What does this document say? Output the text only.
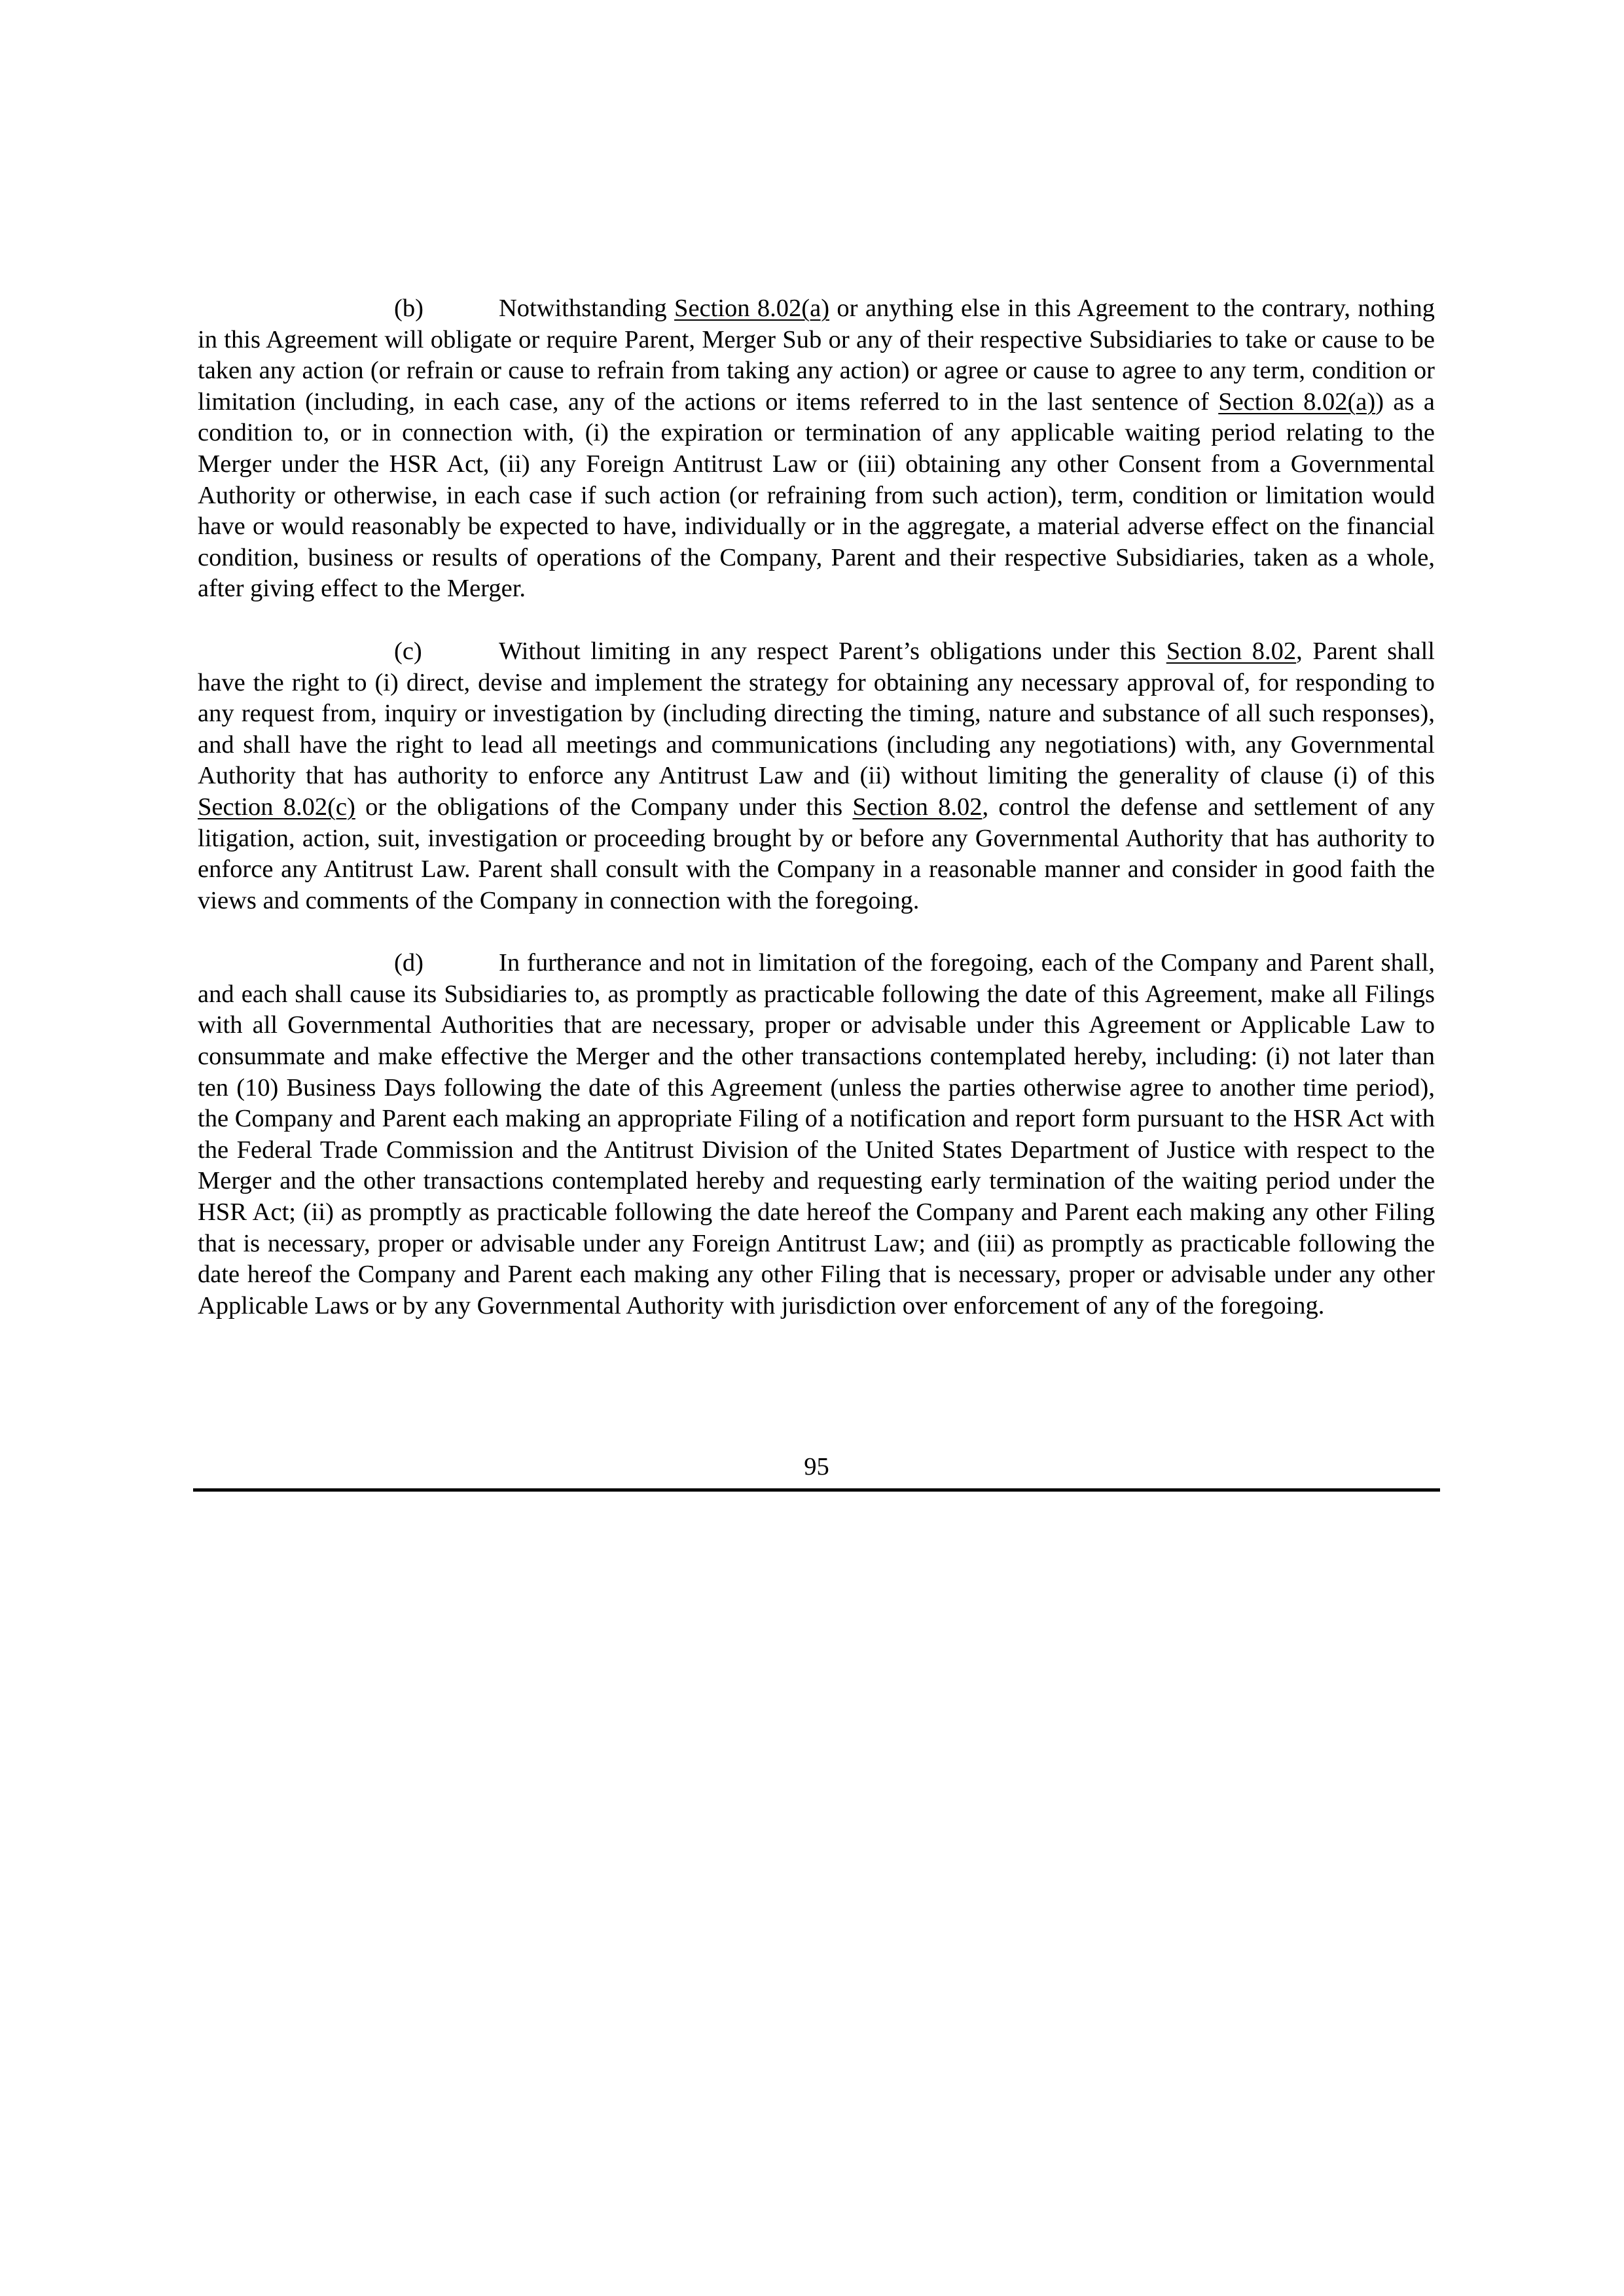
(b)	Notwithstanding Section 8.02(a) or anything else in this Agreement to the contrary, nothing in this Agreement will obligate or require Parent, Merger Sub or any of their respective Subsidiaries to take or cause to be taken any action (or refrain or cause to refrain from taking any action) or agree or cause to agree to any term, condition or limitation (including, in each case, any of the actions or items referred to in the last sentence of Section 8.02(a)) as a condition to, or in connection with, (i) the expiration or termination of any applicable waiting period relating to the Merger under the HSR Act, (ii) any Foreign Antitrust Law or (iii) obtaining any other Consent from a Governmental Authority or otherwise, in each case if such action (or refraining from such action), term, condition or limitation would have or would reasonably be expected to have, individually or in the aggregate, a material adverse effect on the financial condition, business or results of operations of the Company, Parent and their respective Subsidiaries, taken as a whole, after giving effect to the Merger.

(c)	Without limiting in any respect Parent’s obligations under this Section 8.02, Parent shall have the right to (i) direct, devise and implement the strategy for obtaining any necessary approval of, for responding to any request from, inquiry or investigation by (including directing the timing, nature and substance of all such responses), and shall have the right to lead all meetings and communications (including any negotiations) with, any Governmental Authority that has authority to enforce any Antitrust Law and (ii) without limiting the generality of clause (i) of this Section 8.02(c) or the obligations of the Company under this Section 8.02, control the defense and settlement of any litigation, action, suit, investigation or proceeding brought by or before any Governmental Authority that has authority to enforce any Antitrust Law. Parent shall consult with the Company in a reasonable manner and consider in good faith the views and comments of the Company in connection with the foregoing.

(d)	In furtherance and not in limitation of the foregoing, each of the Company and Parent shall, and each shall cause its Subsidiaries to, as promptly as practicable following the date of this Agreement, make all Filings with all Governmental Authorities that are necessary, proper or advisable under this Agreement or Applicable Law to consummate and make effective the Merger and the other transactions contemplated hereby, including: (i) not later than ten (10) Business Days following the date of this Agreement (unless the parties otherwise agree to another time period), the Company and Parent each making an appropriate Filing of a notification and report form pursuant to the HSR Act with the Federal Trade Commission and the Antitrust Division of the United States Department of Justice with respect to the Merger and the other transactions contemplated hereby and requesting early termination of the waiting period under the HSR Act; (ii) as promptly as practicable following the date hereof the Company and Parent each making any other Filing that is necessary, proper or advisable under any Foreign Antitrust Law; and (iii) as promptly as practicable following the date hereof the Company and Parent each making any other Filing that is necessary, proper or advisable under any other Applicable Laws or by any Governmental Authority with jurisdiction over enforcement of any of the foregoing.

95
